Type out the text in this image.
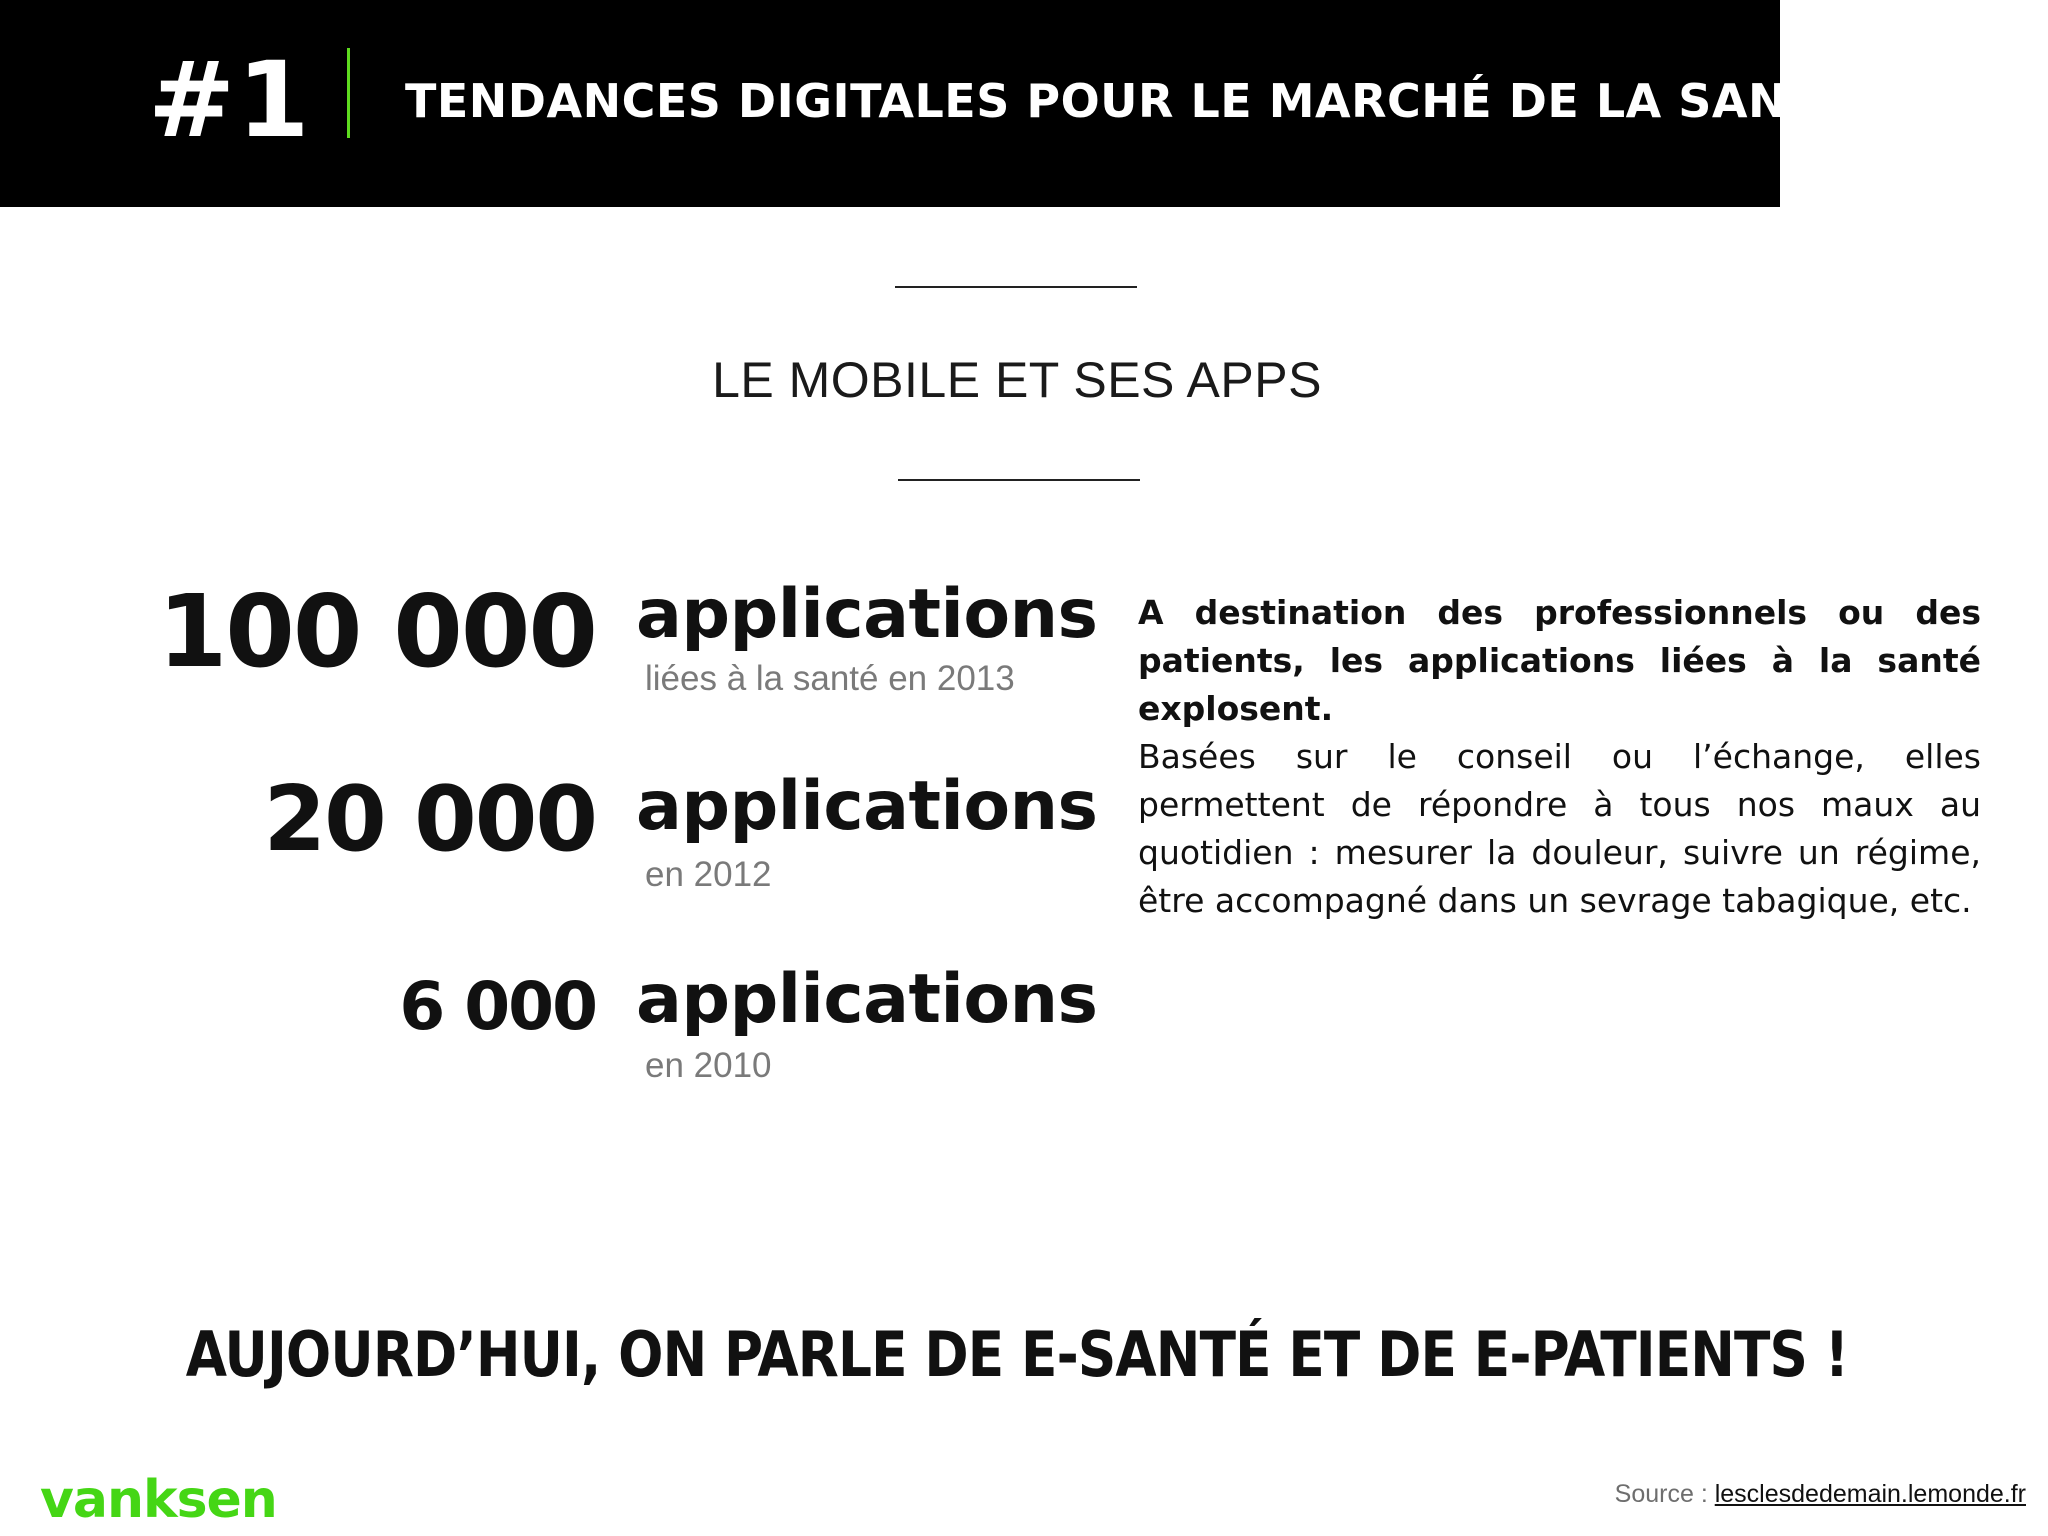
#1 TENDANCES DIGITALES POUR LE MARCHÉ DE LA SANTÉ
LE MOBILE ET SES APPS
100 000 applications
liées à la santé en 2013
20 000 applications
en 2012
6 000 applications
en 2010
A destination des professionnels ou des patients, les applications liées à la santé explosent.
Basées sur le conseil ou l’échange, elles permettent de répondre à tous nos maux au quotidien : mesurer la douleur, suivre un régime, être accompagné dans un sevrage tabagique, etc.
AUJOURD’HUI, ON PARLE DE E-SANTÉ ET DE E-PATIENTS !
vanksen	Source : lesclesdedemain.lemonde.fr
